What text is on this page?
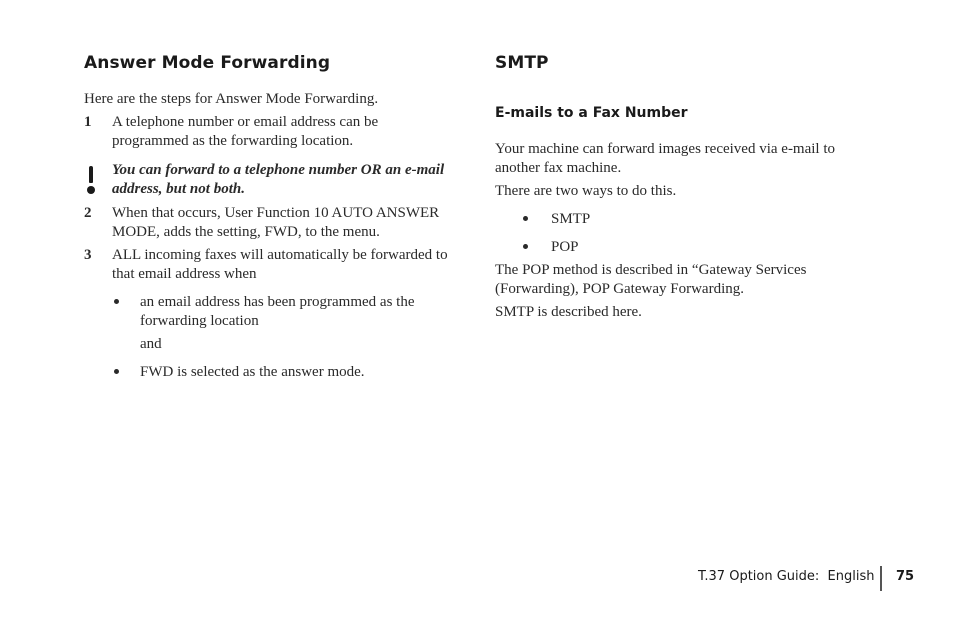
Answer Mode Forwarding
Here are the steps for Answer Mode Forwarding.
1 A telephone number or email address can be
programmed as the forwarding location.
You can forward to a telephone number OR an e-mail
address, but not both.
2 When that occurs, User Function 10 AUTO ANSWER
MODE, adds the setting, FWD, to the menu.
3 ALL incoming faxes will automatically be forwarded to
that email address when
an email address has been programmed as the
forwarding location
and
FWD is selected as the answer mode.
SMTP
E-mails to a Fax Number
Your machine can forward images received via e-mail to
another fax machine.
There are two ways to do this.
SMTP
POP
The POP method is described in “Gateway Services
(Forwarding), POP Gateway Forwarding.
SMTP is described here.
T.37 Option Guide:  English 75
